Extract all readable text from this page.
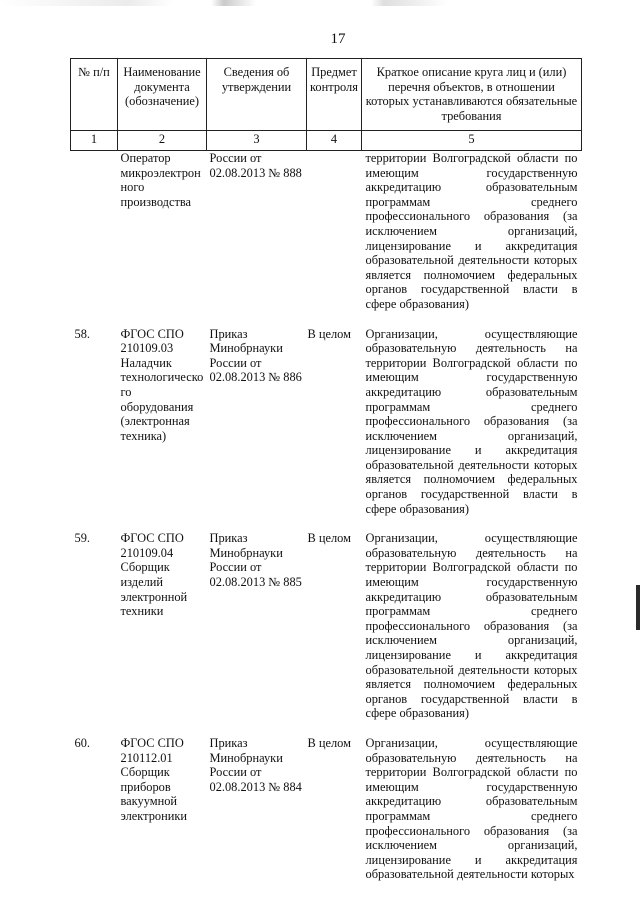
17
№ п/п	Наименование документа (обозначение)	Сведения об утверждении	Предмет контроля	Краткое описание круга лиц и (или) перечня объектов, в отношении которых устанавливаются обязательные требования
1	2	3	4	5
	Оператор микроэлектрон ного производства	России от 02.08.2013 № 888		территории Волгоградской области по имеющим государственную аккредитацию образовательным программам среднего профессионального образования (за исключением организаций, лицензирование и аккредитация образовательной деятельности которых является полномочием федеральных органов государственной власти в сфере образования)

58.	ФГОС СПО 210109.03 Наладчик технологическо го оборудования (электронная техника)	Приказ Минобрнауки России от 02.08.2013 № 886	В целом	Организации, осуществляющие образовательную деятельность на территории Волгоградской области по имеющим государственную аккредитацию образовательным программам среднего профессионального образования (за исключением организаций, лицензирование и аккредитация образовательной деятельности которых является полномочием федеральных органов государственной власти в сфере образования)

59.	ФГОС СПО 210109.04 Сборщик изделий электронной техники	Приказ Минобрнауки России от 02.08.2013 № 885	В целом	Организации, осуществляющие образовательную деятельность на территории Волгоградской области по имеющим государственную аккредитацию образовательным программам среднего профессионального образования (за исключением организаций, лицензирование и аккредитация образовательной деятельности которых является полномочием федеральных органов государственной власти в сфере образования)

60.	ФГОС СПО 210112.01 Сборщик приборов вакуумной электроники	Приказ Минобрнауки России от 02.08.2013 № 884	В целом	Организации, осуществляющие образовательную деятельность на территории Волгоградской области по имеющим государственную аккредитацию образовательным программам среднего профессионального образования (за исключением организаций, лицензирование и аккредитация образовательной деятельности которых
